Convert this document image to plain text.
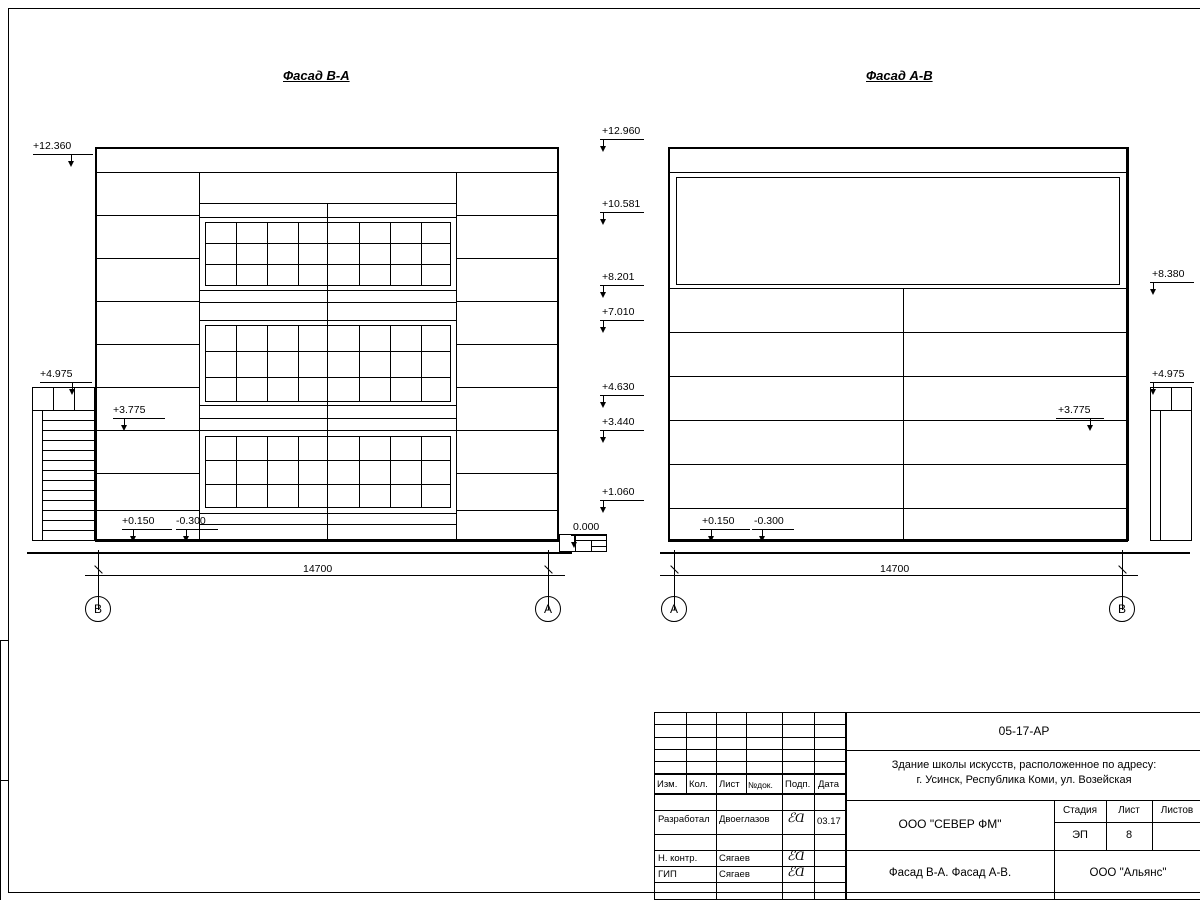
Фасад В-А
+12.360
+4.975
+3.775
+0.150 -0.300
14700
В	А
+12.960
+10.581
+8.201
+7.010
+4.630
+3.440
+1.060
0.000
Фасад А-В
+8.380
+4.975
+3.775
+0.150 -0.300
14700
А	В
Изм. Кол. Лист №док. Подп. Дата
Разработал Двоеглазов ℰⱭ 03.17
Н. контр. Сягаев	ℰⱭ
ГИП	Сягаев	ℰⱭ
05-17-АР
Здание школы искусств, расположенное по адресу:
г. Усинск, Республика Коми, ул. Возейская
ООО "СЕВЕР ФМ"
Фасад В-А. Фасад А-В.
Стадия	Лист	Листов
ЭП	8
ООО "Альянс"
